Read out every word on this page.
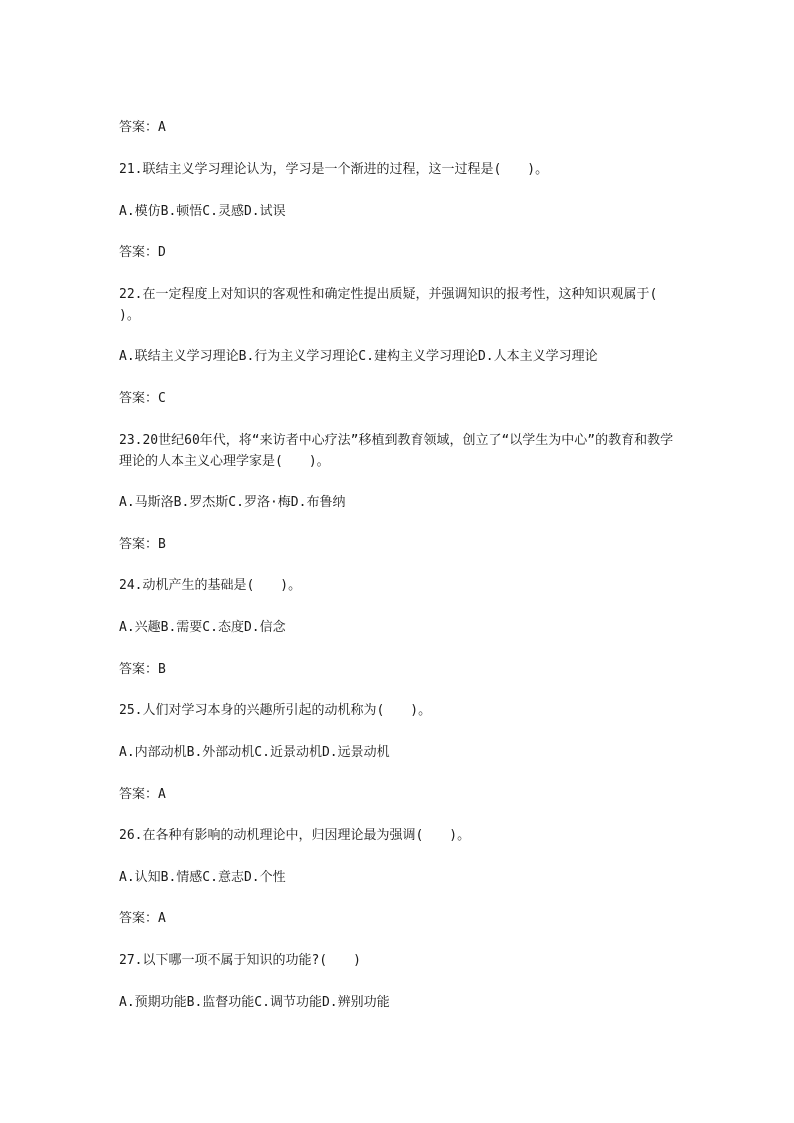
答案：A
21.联结主义学习理论认为，学习是一个渐进的过程，这一过程是(　　)。
A.模仿B.顿悟C.灵感D.试误
答案：D
22.在一定程度上对知识的客观性和确定性提出质疑，并强调知识的报考性，这种知识观属于(　　)。
A.联结主义学习理论B.行为主义学习理论C.建构主义学习理论D.人本主义学习理论
答案：C
23.20世纪60年代，将“来访者中心疗法”移植到教育领域，创立了“以学生为中心”的教育和教学理论的人本主义心理学家是(　　)。
A.马斯洛B.罗杰斯C.罗洛·梅D.布鲁纳
答案：B
24.动机产生的基础是(　　)。
A.兴趣B.需要C.态度D.信念
答案：B
25.人们对学习本身的兴趣所引起的动机称为(　　)。
A.内部动机B.外部动机C.近景动机D.远景动机
答案：A
26.在各种有影响的动机理论中，归因理论最为强调(　　)。
A.认知B.情感C.意志D.个性
答案：A
27.以下哪一项不属于知识的功能?(　　)
A.预期功能B.监督功能C.调节功能D.辨别功能
